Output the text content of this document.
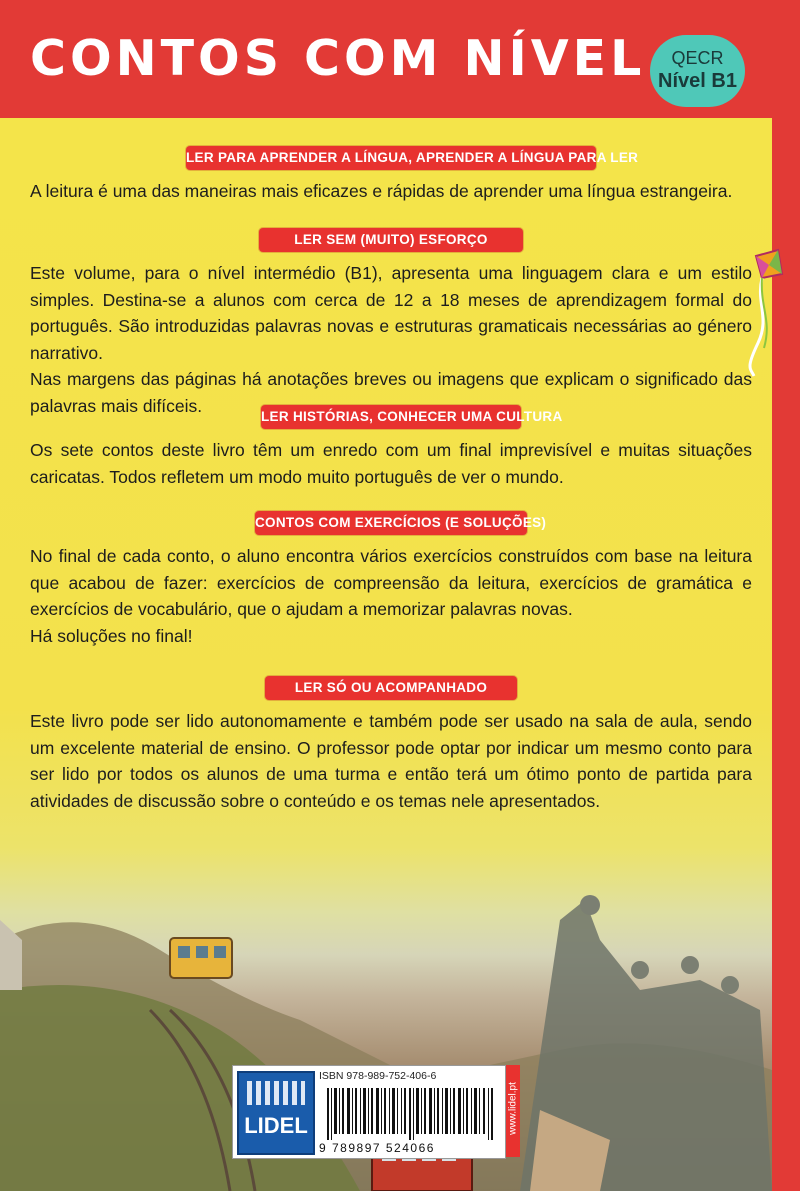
CONTOS COM NÍVEL	QECR
Nível B1
LER PARA APRENDER A LÍNGUA, APRENDER A LÍNGUA PARA LER

A leitura é uma das maneiras mais eficazes e rápidas de aprender uma língua estrangeira.

LER SEM (MUITO) ESFORÇO

Este volume, para o nível intermédio (B1), apresenta uma linguagem clara e um estilo simples. Destina-se a alunos com cerca de 12 a 18 meses de aprendizagem formal do português. São introduzidas palavras novas e estruturas gramaticais necessárias ao género narrativo.

Nas margens das páginas há anotações breves ou imagens que explicam o significado das palavras mais difíceis.

LER HISTÓRIAS, CONHECER UMA CULTURA

Os sete contos deste livro têm um enredo com um final imprevisível e muitas situações caricatas. Todos refletem um modo muito português de ver o mundo.

CONTOS COM EXERCÍCIOS (E SOLUÇÕES)

No final de cada conto, o aluno encontra vários exercícios construídos com base na leitura que acabou de fazer: exercícios de compreensão da leitura, exercícios de gramática e exercícios de vocabulário, que o ajudam a memorizar palavras novas.

Há soluções no final!

LER SÓ OU ACOMPANHADO

Este livro pode ser lido autonomamente e também pode ser usado na sala de aula, sendo um excelente material de ensino. O professor pode optar por indicar um mesmo conto para ser lido por todos os alunos de uma turma e então terá um ótimo ponto de partida para atividades de discussão sobre o conteúdo e os temas nele apresentados.

LIDEL
ISBN 978-989-752-406-6
9 789897 524066
www.lidel.pt
